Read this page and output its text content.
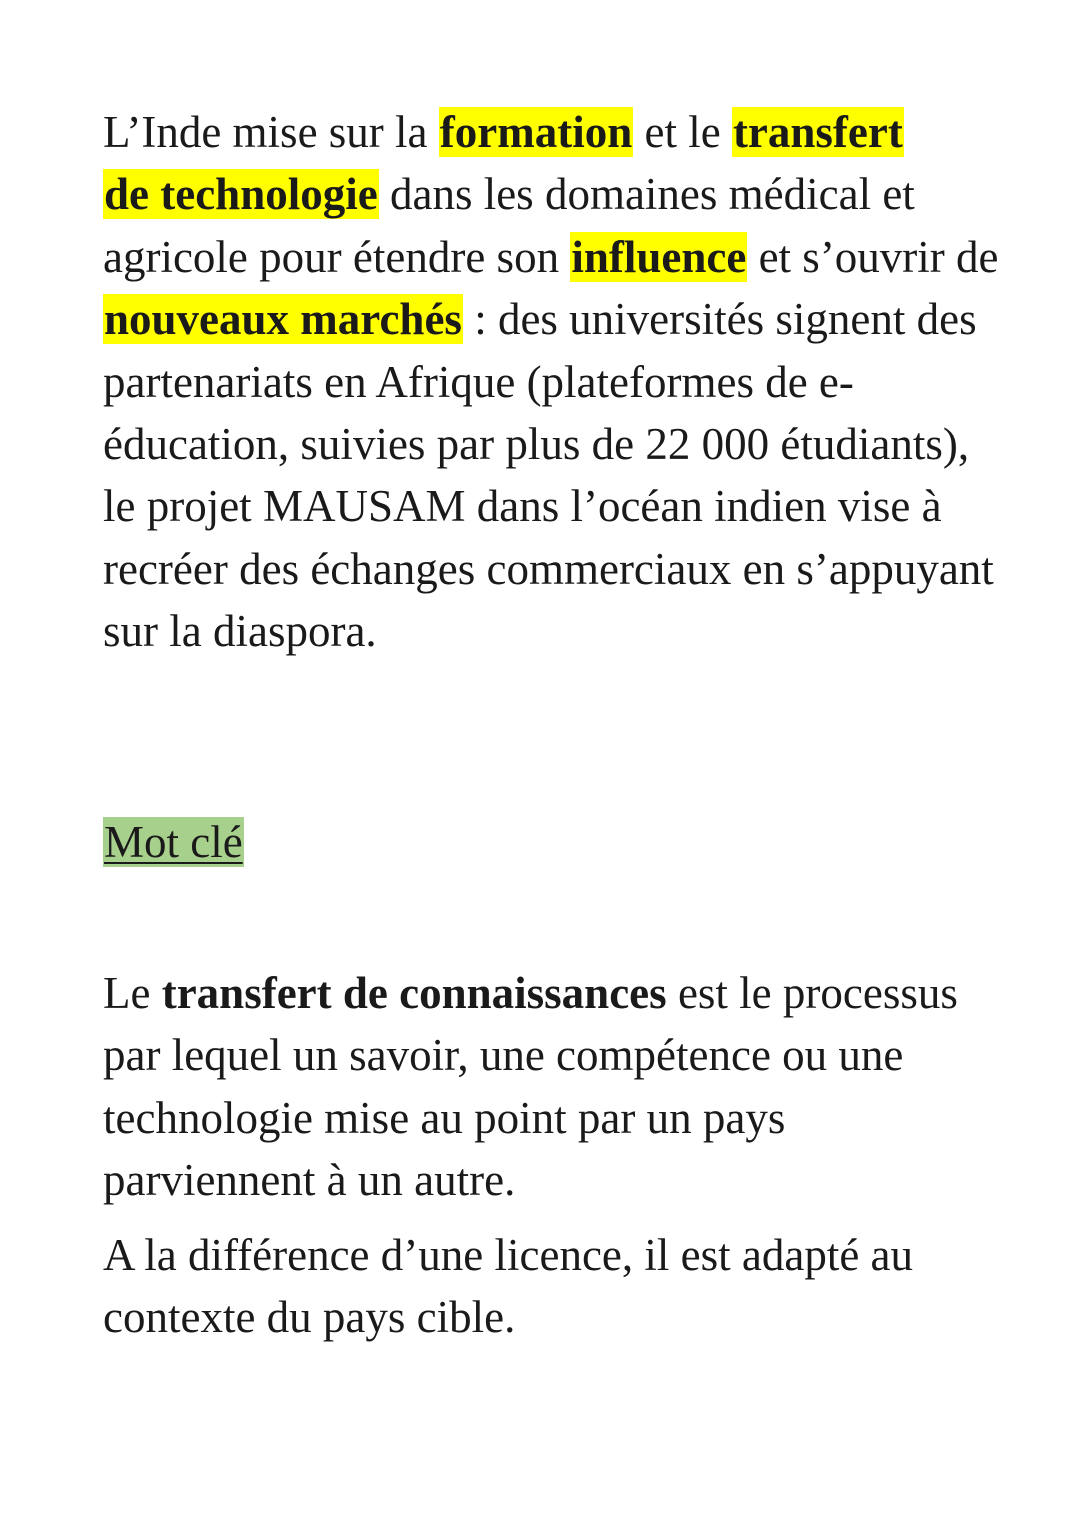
L’Inde mise sur la formation et le transfert
de technologie dans les domaines médical et agricole pour étendre son influence et s’ouvrir de nouveaux marchés : des universités signent des partenariats en Afrique (plateformes de e-éducation, suivies par plus de 22 000 étudiants), le projet MAUSAM dans l’océan indien vise à recréer des échanges commerciaux en s’appuyant sur la diaspora.

Mot clé

Le transfert de connaissances est le processus par lequel un savoir, une compétence ou une technologie mise au point par un pays parviennent à un autre.

A la différence d’une licence, il est adapté au contexte du pays cible.
